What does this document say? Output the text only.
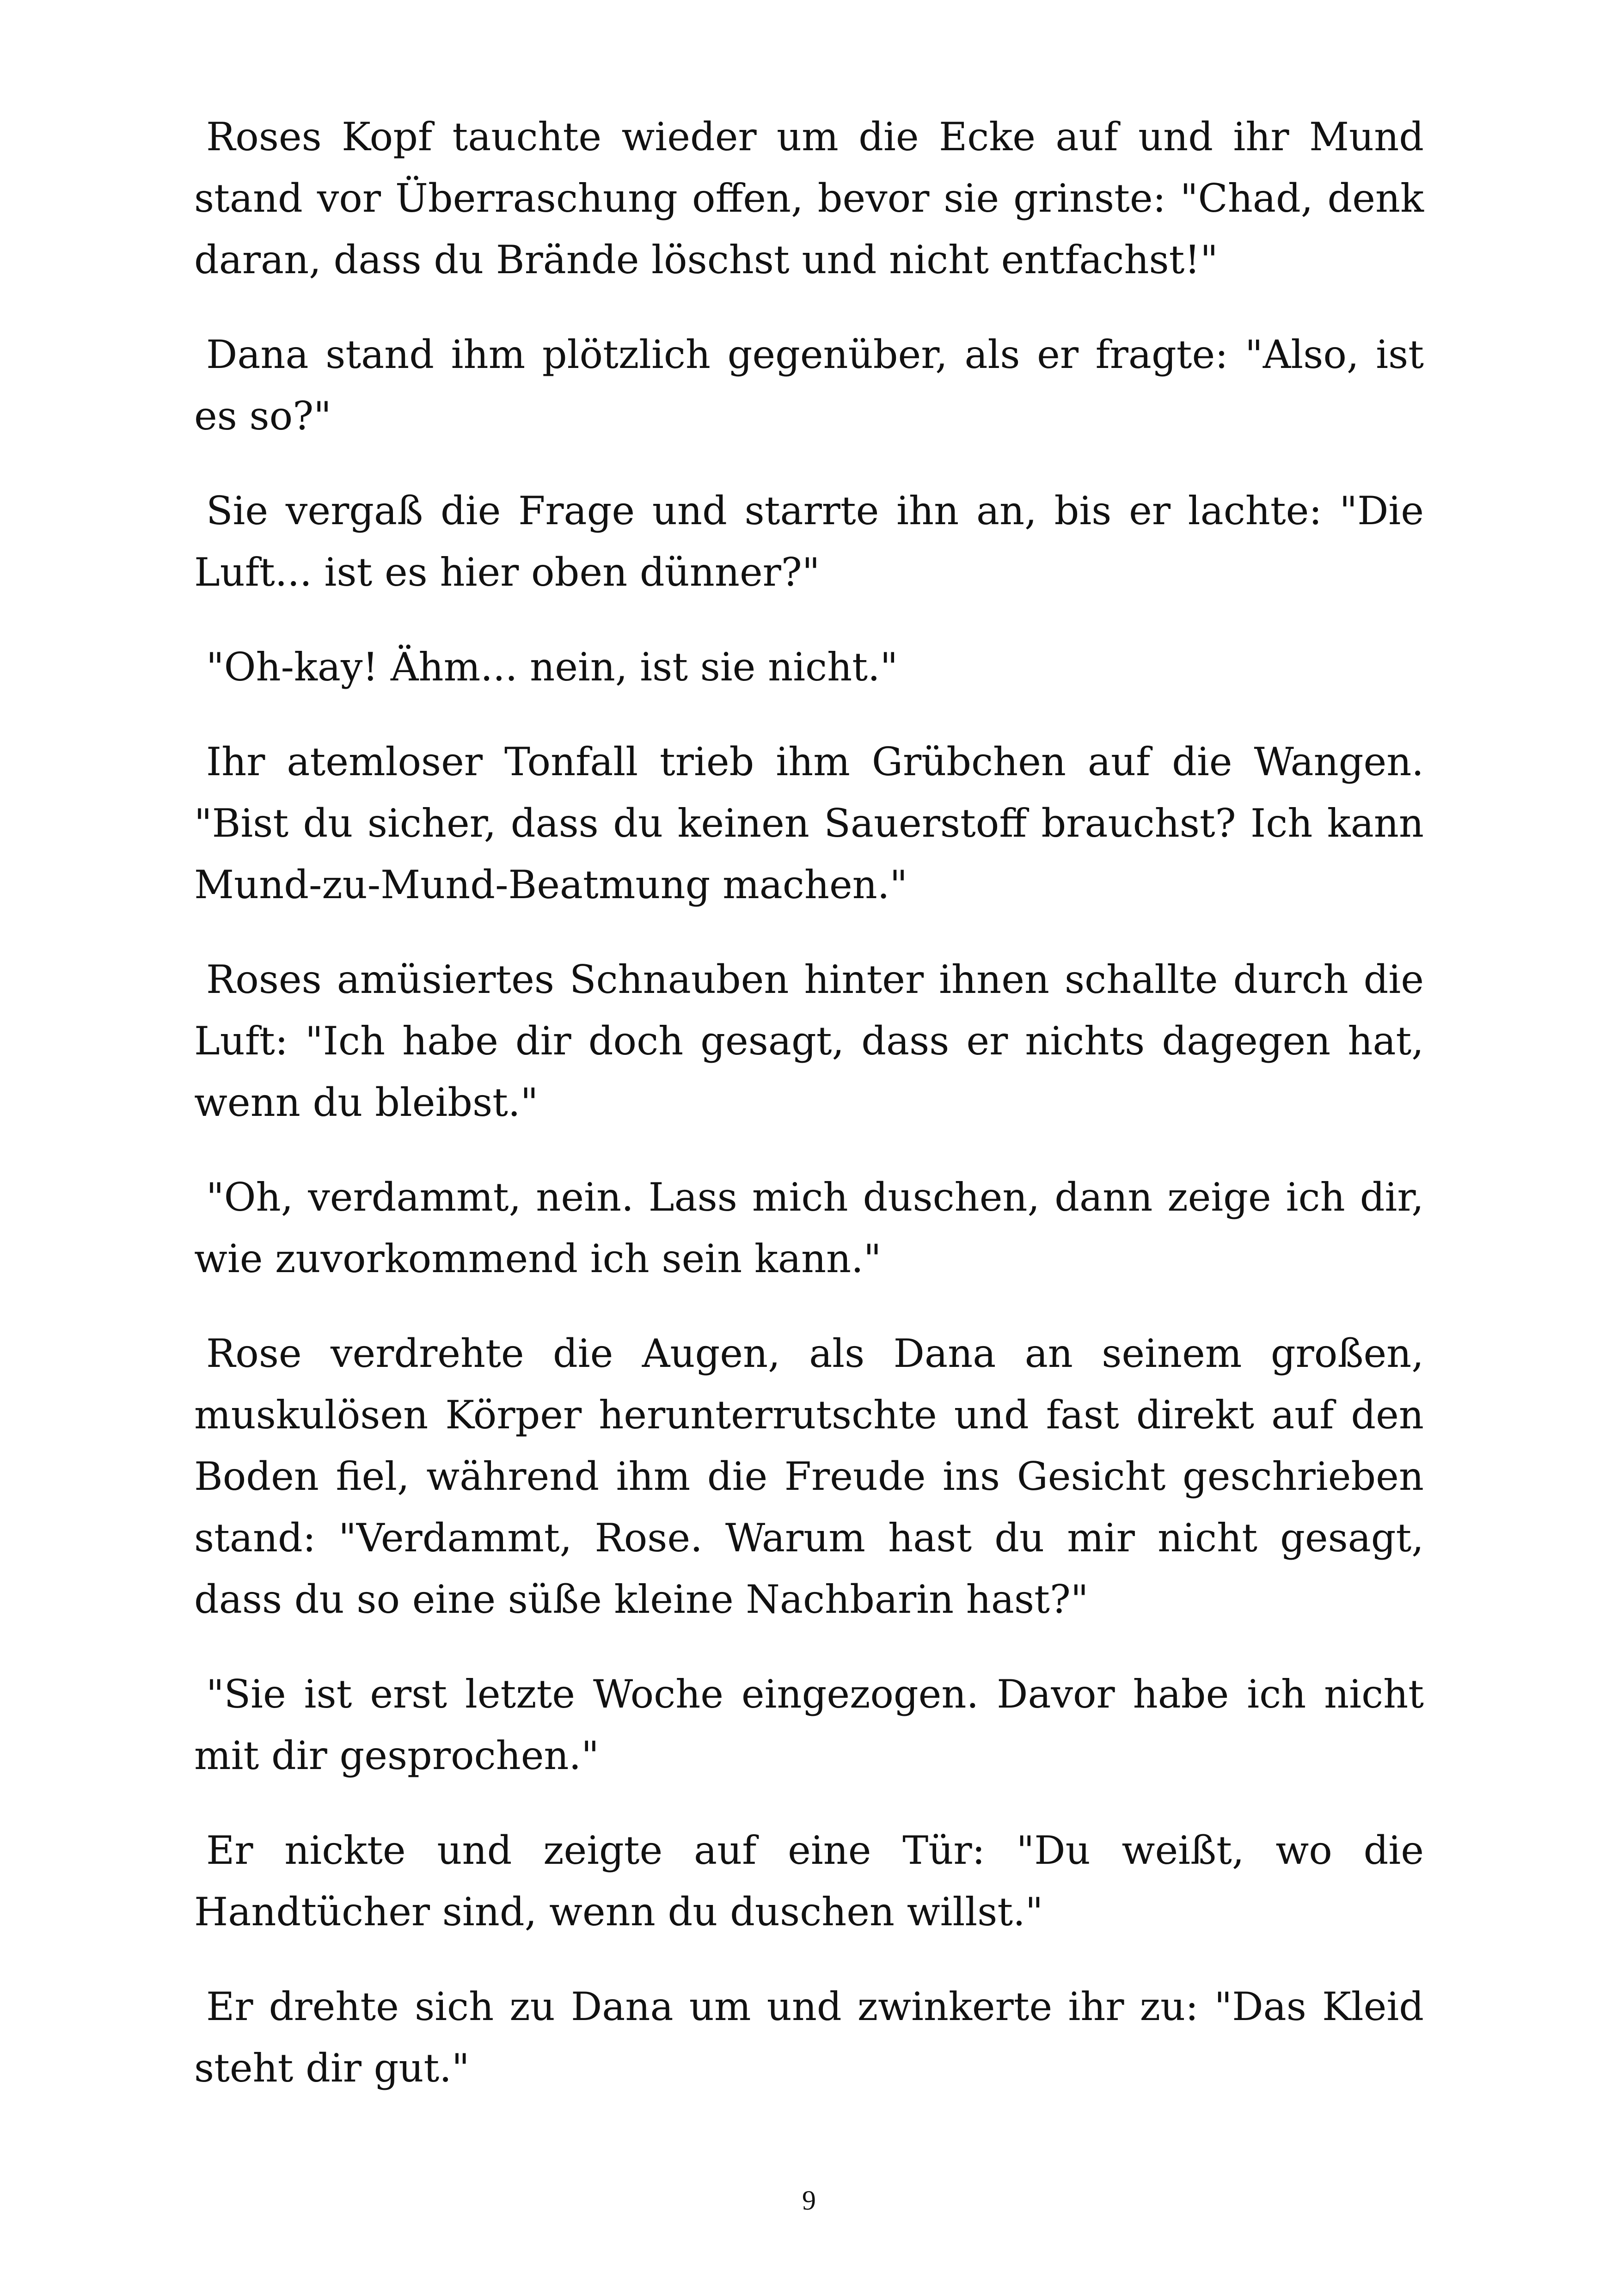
Roses Kopf tauchte wieder um die Ecke auf und ihr Mund stand vor Überraschung offen, bevor sie grinste: "Chad, denk daran, dass du Brände löschst und nicht entfachst!"

Dana stand ihm plötzlich gegenüber, als er fragte: "Also, ist es so?"

Sie vergaß die Frage und starrte ihn an, bis er lachte: "Die Luft... ist es hier oben dünner?"

"Oh-kay! Ähm... nein, ist sie nicht."

Ihr atemloser Tonfall trieb ihm Grübchen auf die Wangen. "Bist du sicher, dass du keinen Sauerstoff brauchst? Ich kann Mund-zu-Mund-Beatmung machen."

Roses amüsiertes Schnauben hinter ihnen schallte durch die Luft: "Ich habe dir doch gesagt, dass er nichts dagegen hat, wenn du bleibst."

"Oh, verdammt, nein. Lass mich duschen, dann zeige ich dir, wie zuvorkommend ich sein kann."

Rose verdrehte die Augen, als Dana an seinem großen, muskulösen Körper herunterrutschte und fast direkt auf den Boden fiel, während ihm die Freude ins Gesicht geschrieben stand: "Verdammt, Rose. Warum hast du mir nicht gesagt, dass du so eine süße kleine Nachbarin hast?"

"Sie ist erst letzte Woche eingezogen. Davor habe ich nicht mit dir gesprochen."

Er nickte und zeigte auf eine Tür: "Du weißt, wo die Handtücher sind, wenn du duschen willst."

Er drehte sich zu Dana um und zwinkerte ihr zu: "Das Kleid steht dir gut."

9
